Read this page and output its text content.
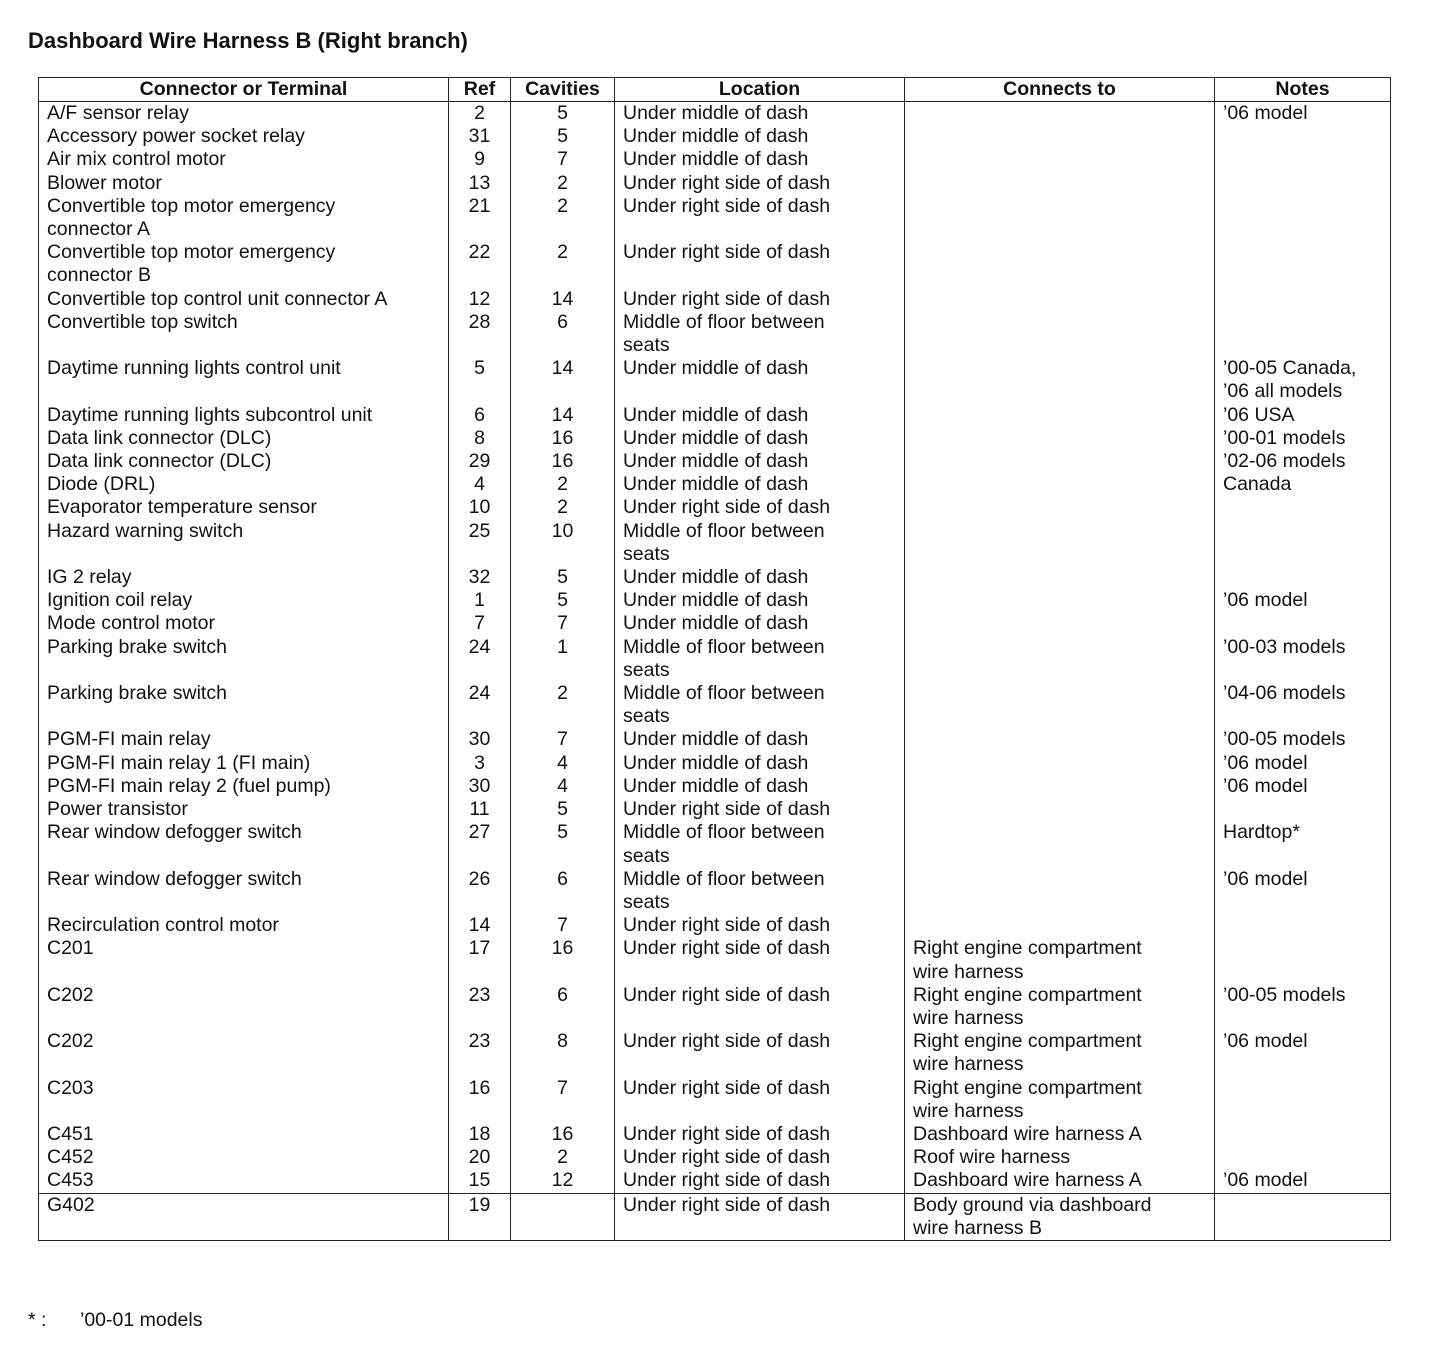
Dashboard Wire Harness B (Right branch)
Connector or Terminal	Ref	Cavities	Location	Connects to	Notes
A/F sensor relay	2	5	Under middle of dash		’06 model
Accessory power socket relay	31	5	Under middle of dash		
Air mix control motor	9	7	Under middle of dash		
Blower motor	13	2	Under right side of dash		
Convertible top motor emergency
connector A	21	2	Under right side of dash		
Convertible top motor emergency
connector B	22	2	Under right side of dash		
Convertible top control unit connector A	12	14	Under right side of dash		
Convertible top switch	28	6	Middle of floor between
seats		
Daytime running lights control unit	5	14	Under middle of dash		’00-05 Canada,
’06 all models
Daytime running lights subcontrol unit	6	14	Under middle of dash		’06 USA
Data link connector (DLC)	8	16	Under middle of dash		’00-01 models
Data link connector (DLC)	29	16	Under middle of dash		’02-06 models
Diode (DRL)	4	2	Under middle of dash		Canada
Evaporator temperature sensor	10	2	Under right side of dash		
Hazard warning switch	25	10	Middle of floor between
seats		
IG 2 relay	32	5	Under middle of dash		
Ignition coil relay	1	5	Under middle of dash		’06 model
Mode control motor	7	7	Under middle of dash		
Parking brake switch	24	1	Middle of floor between
seats		’00-03 models
Parking brake switch	24	2	Middle of floor between
seats		’04-06 models
PGM-FI main relay	30	7	Under middle of dash		’00-05 models
PGM-FI main relay 1 (FI main)	3	4	Under middle of dash		’06 model
PGM-FI main relay 2 (fuel pump)	30	4	Under middle of dash		’06 model
Power transistor	11	5	Under right side of dash		
Rear window defogger switch	27	5	Middle of floor between
seats		Hardtop*
Rear window defogger switch	26	6	Middle of floor between
seats		’06 model
Recirculation control motor	14	7	Under right side of dash		
C201	17	16	Under right side of dash	Right engine compartment
wire harness	
C202	23	6	Under right side of dash	Right engine compartment
wire harness	’00-05 models
C202	23	8	Under right side of dash	Right engine compartment
wire harness	’06 model
C203	16	7	Under right side of dash	Right engine compartment
wire harness	
C451	18	16	Under right side of dash	Dashboard wire harness A	
C452	20	2	Under right side of dash	Roof wire harness	
C453	15	12	Under right side of dash	Dashboard wire harness A	’06 model
G402	19		Under right side of dash	Body ground via dashboard
wire harness B	
* : ’00-01 models
